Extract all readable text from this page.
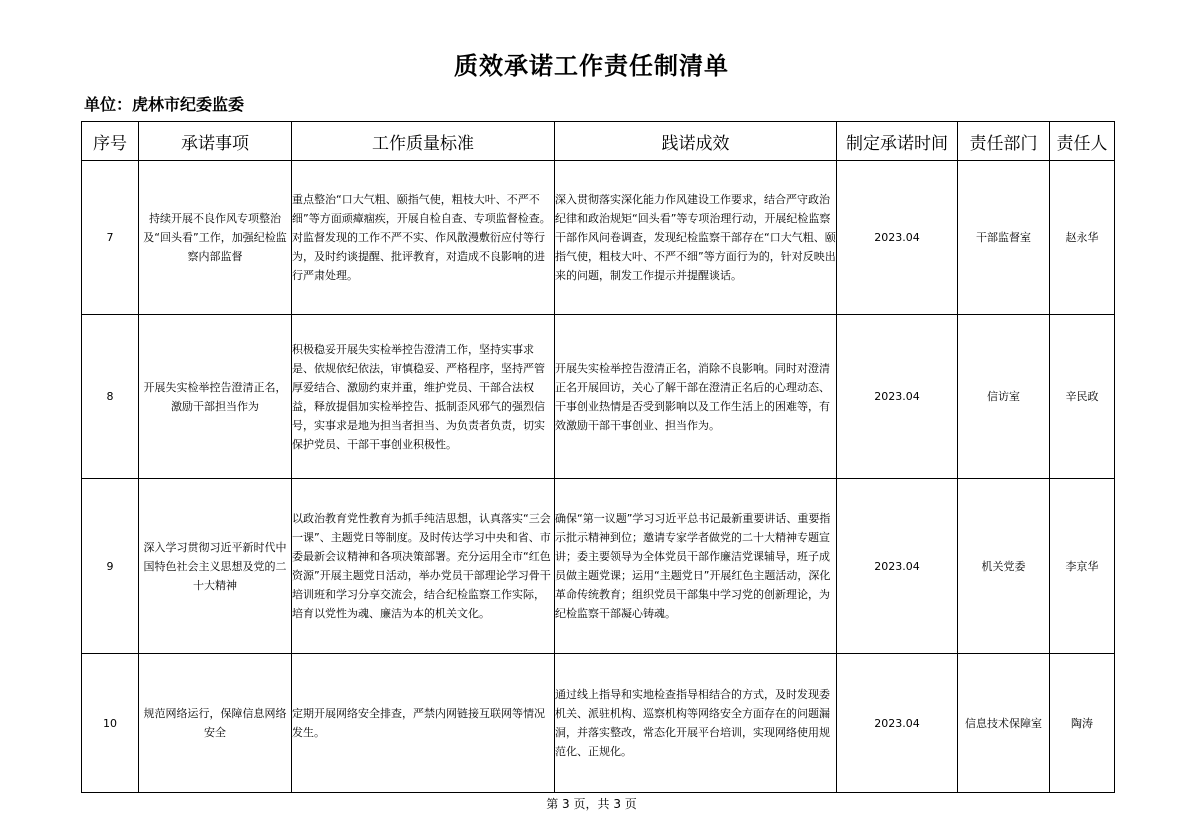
质效承诺工作责任制清单
单位：虎林市纪委监委
序号	承诺事项	工作质量标准	践诺成效	制定承诺时间	责任部门	责任人
7	持续开展不良作风专项整治及“回头看”工作，加强纪检监察内部监督	重点整治“口大气粗、颐指气使，粗枝大叶、不严不细”等方面顽瘴痼疾，开展自检自查、专项监督检查。对监督发现的工作不严不实、作风散漫敷衍应付等行为，及时约谈提醒、批评教育，对造成不良影响的进行严肃处理。	深入贯彻落实深化能力作风建设工作要求，结合严守政治纪律和政治规矩“回头看”等专项治理行动，开展纪检监察干部作风问卷调查，发现纪检监察干部存在“口大气粗、颐指气使，粗枝大叶、不严不细”等方面行为的，针对反映出来的问题，制发工作提示并提醒谈话。	2023.04	干部监督室	赵永华
8	开展失实检举控告澄清正名，激励干部担当作为	积极稳妥开展失实检举控告澄清工作，坚持实事求是、依规依纪依法，审慎稳妥、严格程序，坚持严管厚爱结合、激励约束并重，维护党员、干部合法权益，释放提倡加实检举控告、抵制歪风邪气的强烈信号，实事求是地为担当者担当、为负责者负责，切实保护党员、干部干事创业积极性。	开展失实检举控告澄清正名，消除不良影响。同时对澄清正名开展回访，关心了解干部在澄清正名后的心理动态、干事创业热情是否受到影响以及工作生活上的困难等，有效激励干部干事创业、担当作为。	2023.04	信访室	辛民政
9	深入学习贯彻习近平新时代中国特色社会主义思想及党的二十大精神	以政治教育党性教育为抓手纯洁思想，认真落实“三会一课”、主题党日等制度。及时传达学习中央和省、市委最新会议精神和各项决策部署。充分运用全市“红色资源”开展主题党日活动，举办党员干部理论学习骨干培训班和学习分享交流会，结合纪检监察工作实际，培育以党性为魂、廉洁为本的机关文化。	确保“第一议题”学习习近平总书记最新重要讲话、重要指示批示精神到位；邀请专家学者做党的二十大精神专题宣讲；委主要领导为全体党员干部作廉洁党课辅导，班子成员做主题党课；运用“主题党日”开展红色主题活动，深化革命传统教育；组织党员干部集中学习党的创新理论，为纪检监察干部凝心铸魂。	2023.04	机关党委	李京华
10	规范网络运行，保障信息网络安全	定期开展网络安全排查，严禁内网链接互联网等情况发生。	通过线上指导和实地检查指导相结合的方式，及时发现委机关、派驻机构、巡察机构等网络安全方面存在的问题漏洞，并落实整改，常态化开展平台培训，实现网络使用规范化、正规化。	2023.04	信息技术保障室	陶涛
第 3 页，共 3 页
